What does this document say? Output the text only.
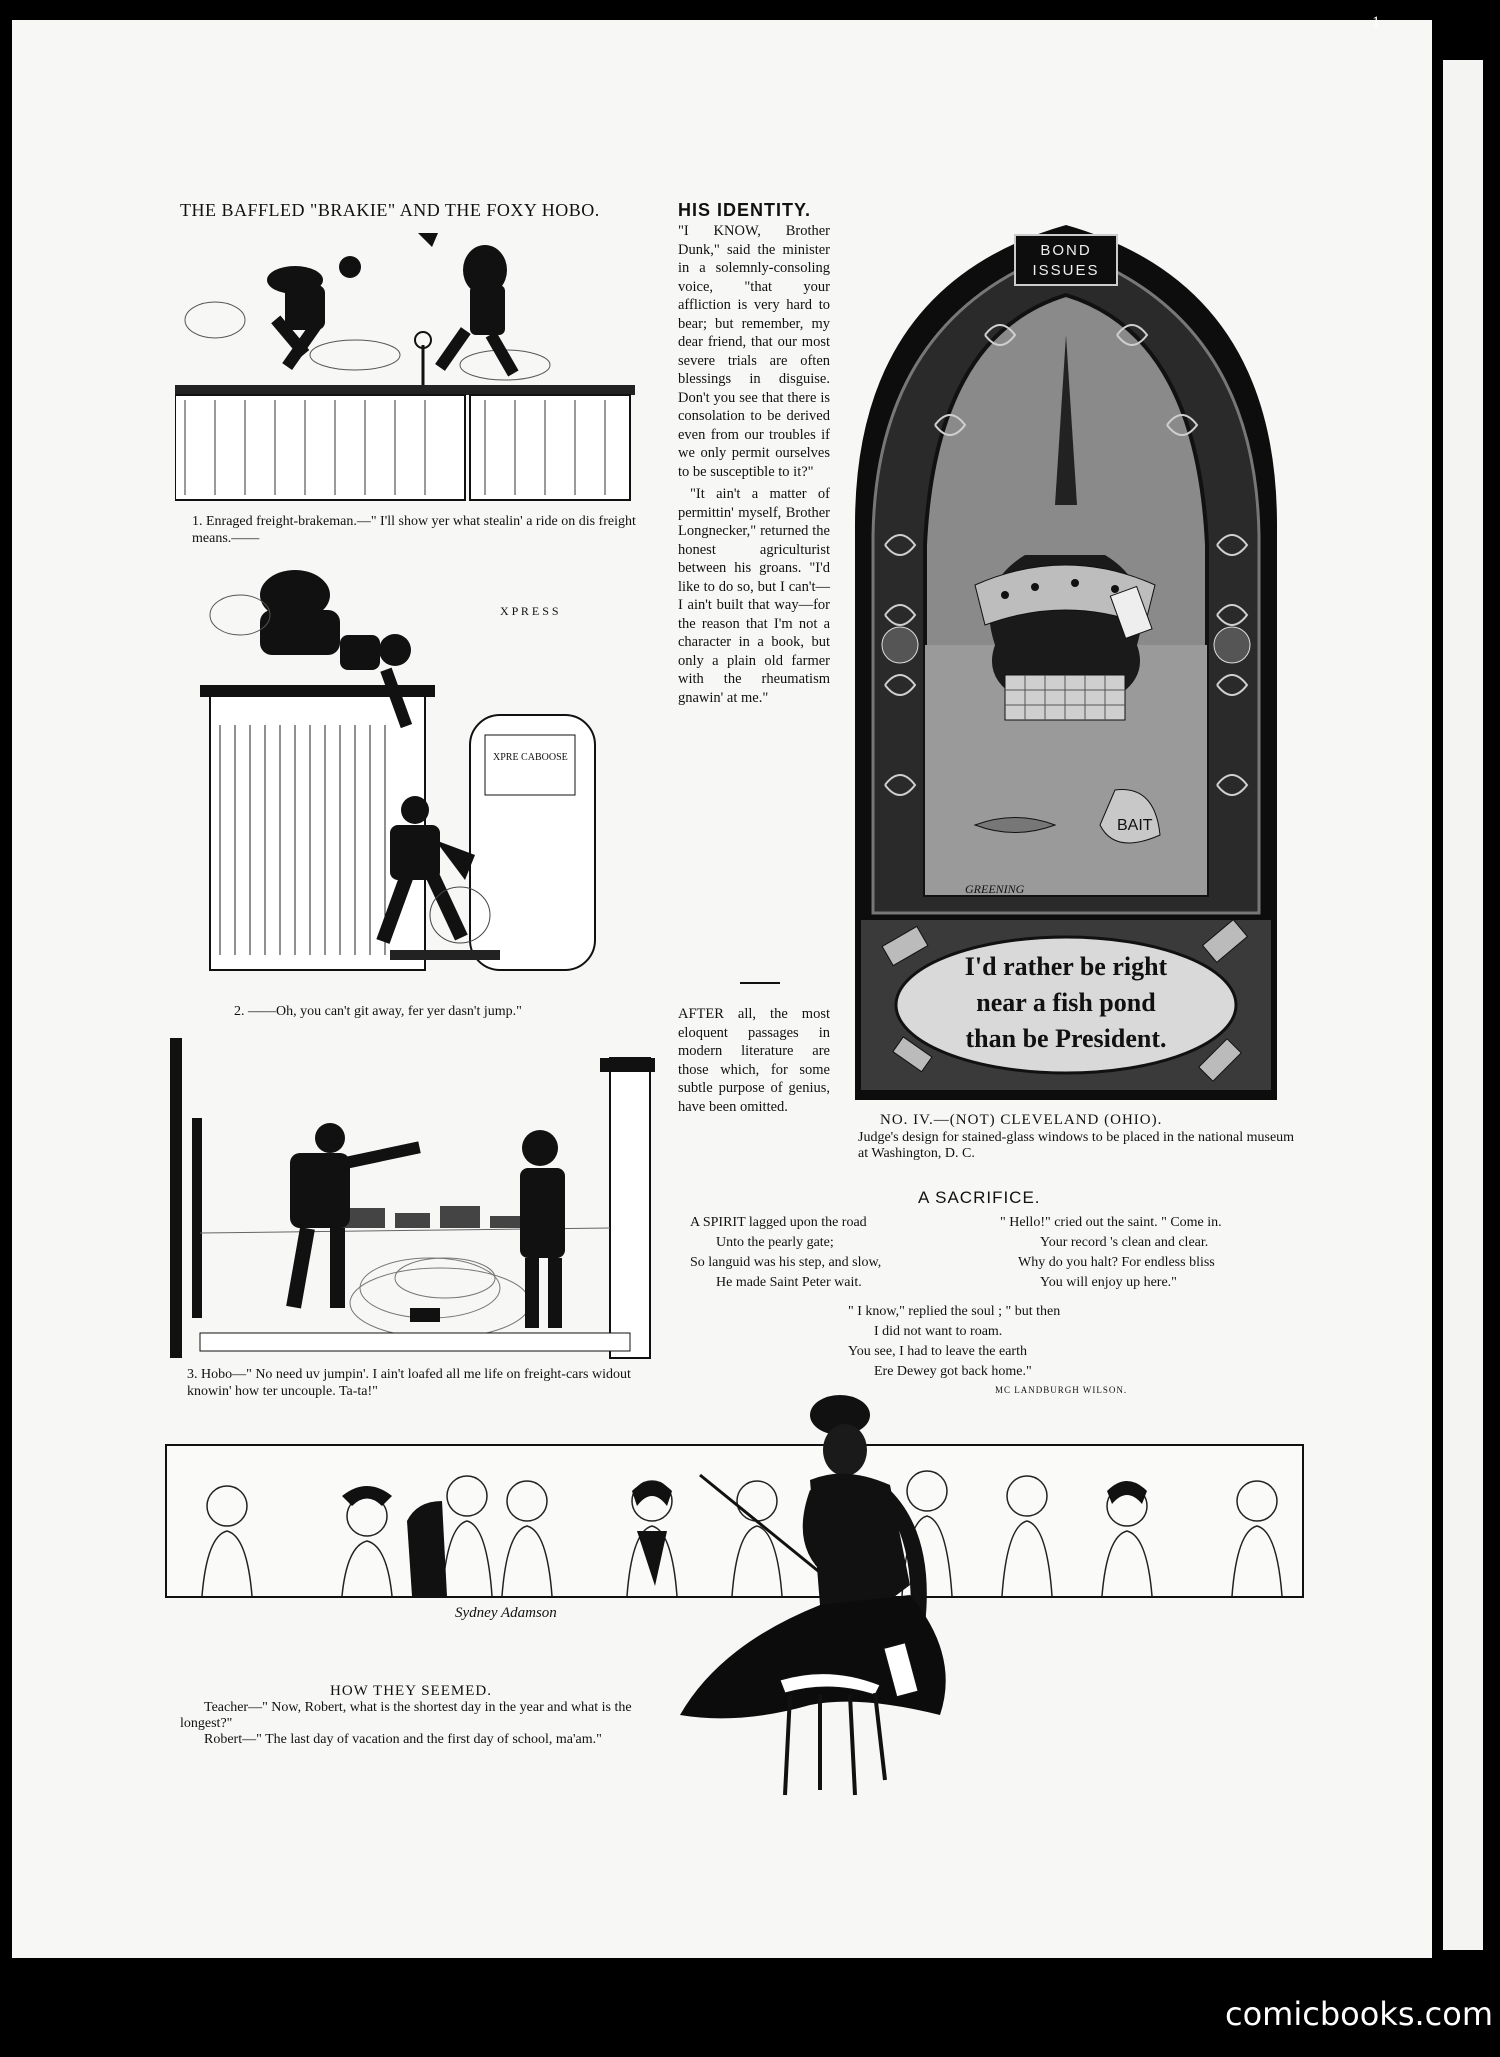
1
THE BAFFLED "BRAKIE" AND THE FOXY HOBO.
1. Enraged freight-brakeman.—" I'll show yer what stealin' a ride on dis freight means.——
X P R E S S
XPRE CABOOSE
2. ——Oh, you can't git away, fer yer dasn't jump."
3. Hobo—" No need uv jumpin'. I ain't loafed all me life on freight-cars widout knowin' how ter uncouple. Ta-ta!"
HIS IDENTITY.

"I KNOW, Brother Dunk," said the minister in a solemnly-consoling voice, "that your affliction is very hard to bear; but remember, my dear friend, that our most severe trials are often blessings in disguise. Don't you see that there is consolation to be derived even from our troubles if we only permit ourselves to be susceptible to it?"

"It ain't a matter of permittin' myself, Brother Longnecker," returned the honest agriculturist between his groans. "I'd like to do so, but I can't—I ain't built that way—for the reason that I'm not a character in a book, but only a plain old farmer with the rheumatism gnawin' at me."

AFTER all, the most eloquent passages in modern literature are those which, for some subtle purpose of genius, have been omitted.

BAIT
GREENING
BOND
ISSUES
I'd rather be right
near a fish pond
than be President.
NO. IV.—(NOT) CLEVELAND (OHIO).
Judge's design for stained-glass windows to be placed in the national museum at Washington, D. C.
A SACRIFICE.
A SPIRIT lagged upon the road
Unto the pearly gate;
So languid was his step, and slow,
He made Saint Peter wait.
" Hello!" cried out the saint. " Come in.
Your record 's clean and clear.
Why do you halt? For endless bliss
You will enjoy up here."
" I know," replied the soul ; " but then
I did not want to roam.
You see, I had to leave the earth
Ere Dewey got back home."
MC LANDBURGH WILSON.
Sydney Adamson
HOW THEY SEEMED.
Teacher—" Now, Robert, what is the shortest day in the year and what is the longest?"
Robert—" The last day of vacation and the first day of school, ma'am."
comicbooks.com
